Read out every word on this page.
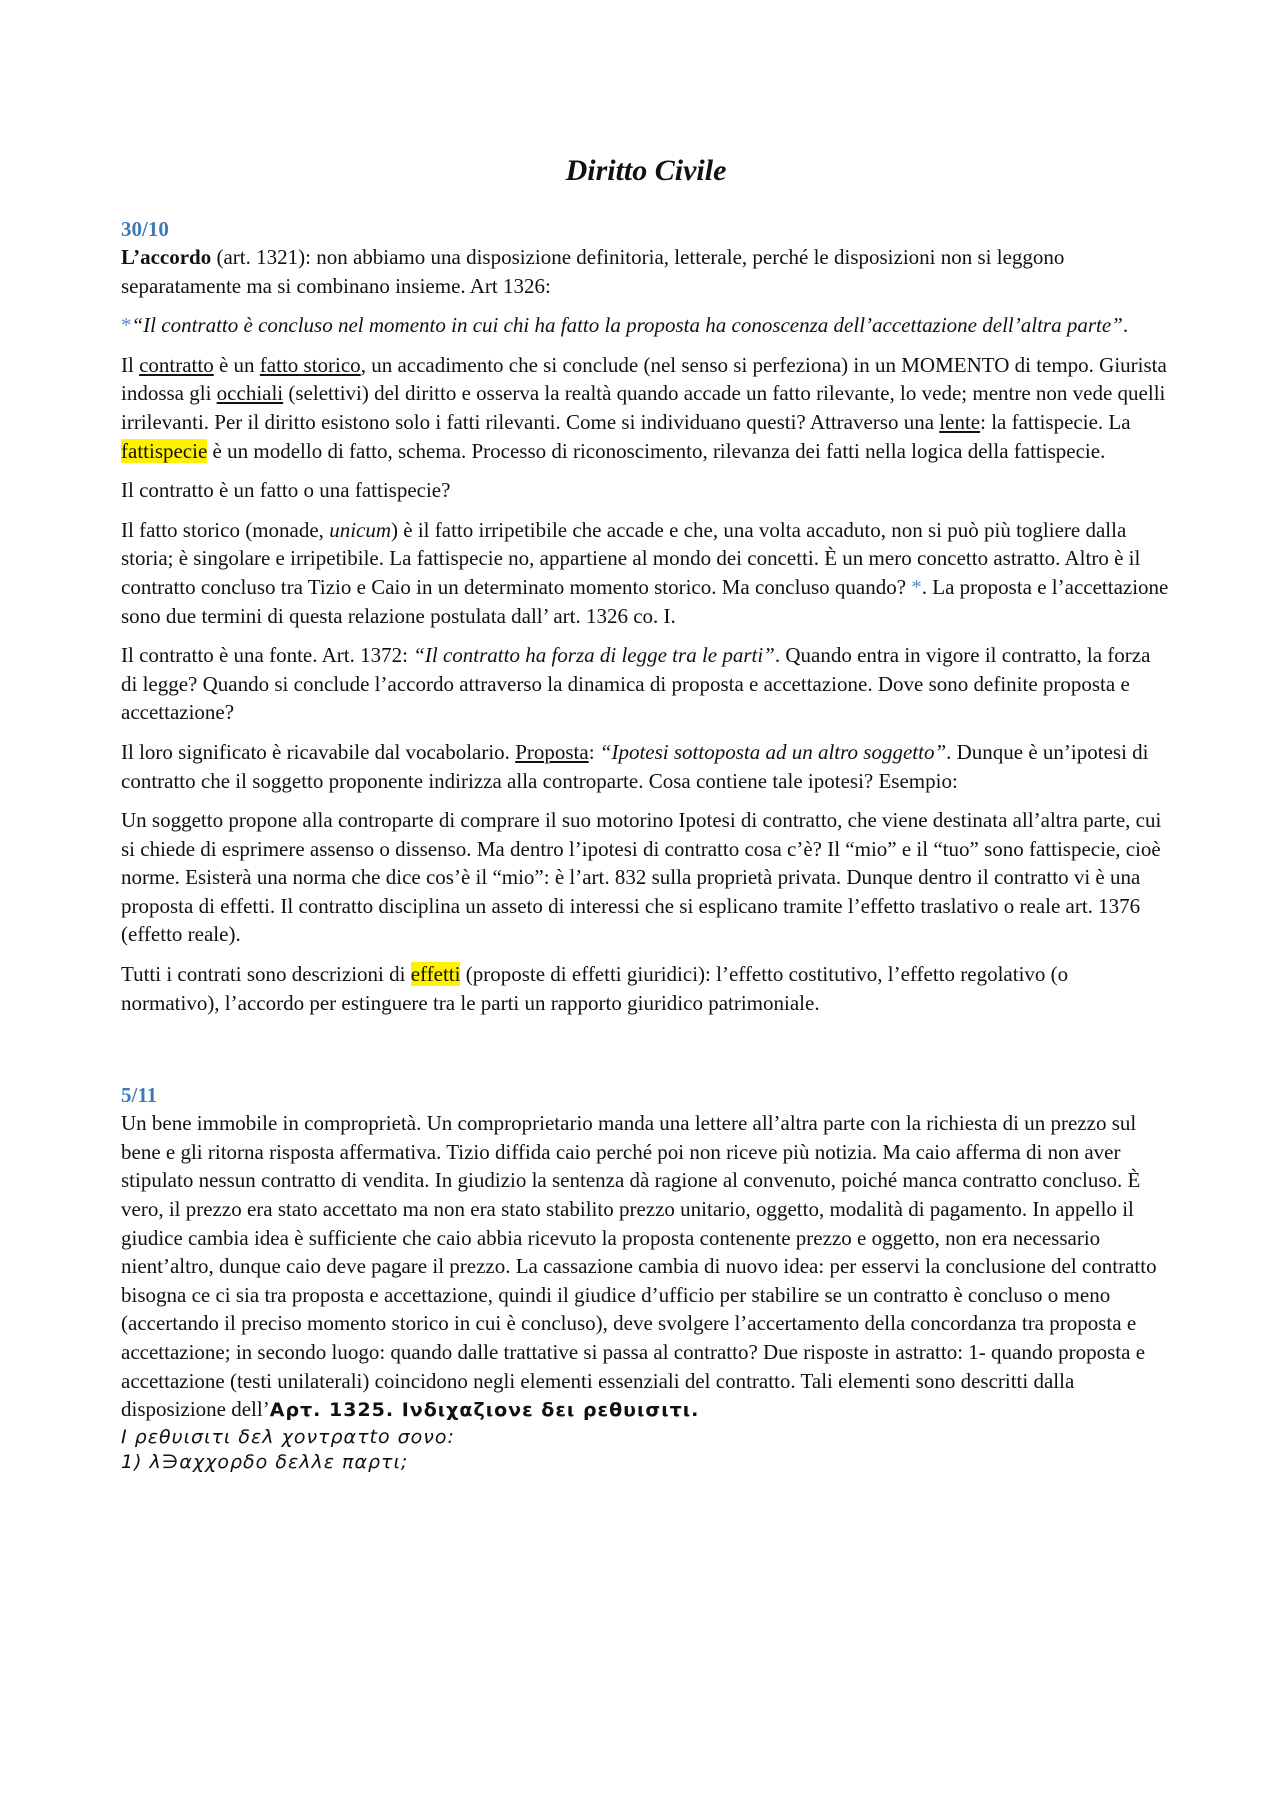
Diritto Civile
30/10

L’accordo (art. 1321): non abbiamo una disposizione definitoria, letterale, perché le disposizioni non si leggono separatamente ma si combinano insieme. Art 1326:

*“Il contratto è concluso nel momento in cui chi ha fatto la proposta ha conoscenza dell’accettazione dell’altra parte”.

Il contratto è un fatto storico, un accadimento che si conclude (nel senso si perfeziona) in un MOMENTO di tempo. Giurista indossa gli occhiali (selettivi) del diritto e osserva la realtà quando accade un fatto rilevante, lo vede; mentre non vede quelli irrilevanti. Per il diritto esistono solo i fatti rilevanti. Come si individuano questi? Attraverso una lente: la fattispecie. La fattispecie è un modello di fatto, schema. Processo di riconoscimento, rilevanza dei fatti nella logica della fattispecie.

Il contratto è un fatto o una fattispecie?

Il fatto storico (monade, unicum) è il fatto irripetibile che accade e che, una volta accaduto, non si può più togliere dalla storia; è singolare e irripetibile. La fattispecie no, appartiene al mondo dei concetti. È un mero concetto astratto. Altro è il contratto concluso tra Tizio e Caio in un determinato momento storico. Ma concluso quando? *. La proposta e l’accettazione sono due termini di questa relazione postulata dall’ art. 1326 co. I.

Il contratto è una fonte. Art. 1372: “Il contratto ha forza di legge tra le parti”. Quando entra in vigore il contratto, la forza di legge? Quando si conclude l’accordo attraverso la dinamica di proposta e accettazione. Dove sono definite proposta e accettazione?

Il loro significato è ricavabile dal vocabolario. Proposta: “Ipotesi sottoposta ad un altro soggetto”. Dunque è un’ipotesi di contratto che il soggetto proponente indirizza alla controparte. Cosa contiene tale ipotesi? Esempio:

Un soggetto propone alla controparte di comprare il suo motorino Ipotesi di contratto, che viene destinata all’altra parte, cui si chiede di esprimere assenso o dissenso. Ma dentro l’ipotesi di contratto cosa c’è? Il “mio” e il “tuo” sono fattispecie, cioè norme. Esisterà una norma che dice cos’è il “mio”: è l’art. 832 sulla proprietà privata. Dunque dentro il contratto vi è una proposta di effetti. Il contratto disciplina un asseto di interessi che si esplicano tramite l’effetto traslativo o reale art. 1376 (effetto reale).

Tutti i contrati sono descrizioni di effetti (proposte di effetti giuridici): l’effetto costitutivo, l’effetto regolativo (o normativo), l’accordo per estinguere tra le parti un rapporto giuridico patrimoniale.

5/11
Un bene immobile in comproprietà. Un comproprietario manda una lettere all’altra parte con la richiesta di un prezzo sul bene e gli ritorna risposta affermativa. Tizio diffida caio perché poi non riceve più notizia. Ma caio afferma di non aver stipulato nessun contratto di vendita. In giudizio la sentenza dà ragione al convenuto, poiché manca contratto concluso. È vero, il prezzo era stato accettato ma non era stato stabilito prezzo unitario, oggetto, modalità di pagamento. In appello il giudice cambia idea è sufficiente che caio abbia ricevuto la proposta contenente prezzo e oggetto, non era necessario nient’altro, dunque caio deve pagare il prezzo. La cassazione cambia di nuovo idea: per esservi la conclusione del contratto bisogna ce ci sia tra proposta e accettazione, quindi il giudice d’ufficio per stabilire se un contratto è concluso o meno (accertando il preciso momento storico in cui è concluso), deve svolgere l’accertamento della concordanza tra proposta e accettazione; in secondo luogo: quando dalle trattative si passa al contratto? Due risposte in astratto: 1- quando proposta e accettazione (testi unilaterali) coincidono negli elementi essenziali del contratto. Tali elementi sono descritti dalla disposizione dell’Αρτ. 1325. Ινδιχαζιονε δει ρεθυισιτι.
Ι ρεθυισιτι δελ χοντρατto σονο:
1) λ∋αχχορδο δελλε παρτι;
